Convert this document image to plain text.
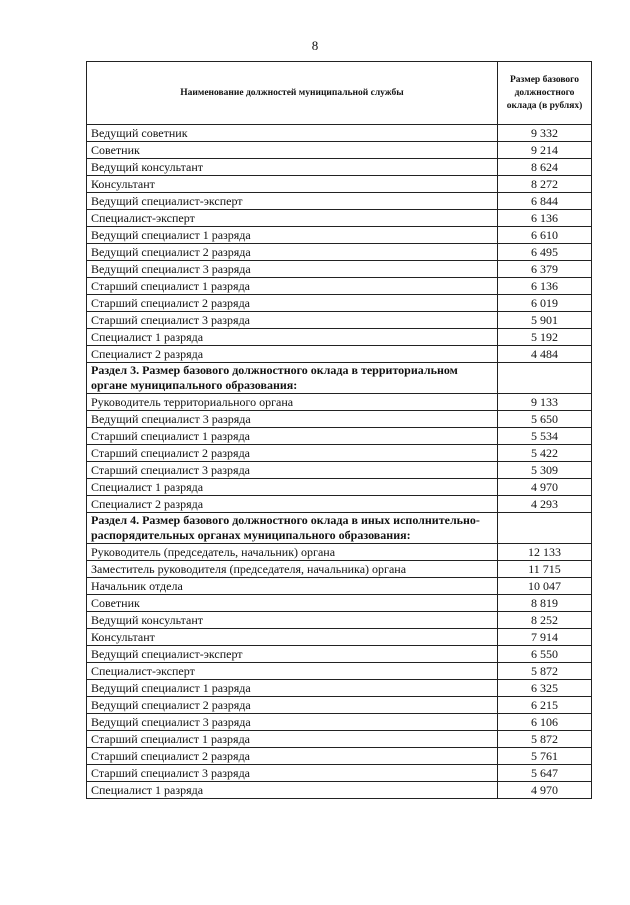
8
Наименование должностей муниципальной службы	Размер базового должностного оклада (в рублях)
Ведущий советник	9 332
Советник	9 214
Ведущий консультант	8 624
Консультант	8 272
Ведущий специалист-эксперт	6 844
Специалист-эксперт	6 136
Ведущий специалист 1 разряда	6 610
Ведущий специалист 2 разряда	6 495
Ведущий специалист 3 разряда	6 379
Старший специалист 1 разряда	6 136
Старший специалист 2 разряда	6 019
Старший специалист 3 разряда	5 901
Специалист 1 разряда	5 192
Специалист 2 разряда	4 484
Раздел 3. Размер базового должностного оклада в территориальном органе муниципального образования:	
Руководитель территориального органа	9 133
Ведущий специалист 3 разряда	5 650
Старший специалист 1 разряда	5 534
Старший специалист 2 разряда	5 422
Старший специалист 3 разряда	5 309
Специалист 1 разряда	4 970
Специалист 2 разряда	4 293
Раздел 4. Размер базового должностного оклада в иных исполнительно-распорядительных органах муниципального образования:	
Руководитель (председатель, начальник) органа	12 133
Заместитель руководителя (председателя, начальника) органа	11 715
Начальник отдела	10 047
Советник	8 819
Ведущий консультант	8 252
Консультант	7 914
Ведущий специалист-эксперт	6 550
Специалист-эксперт	5 872
Ведущий специалист 1 разряда	6 325
Ведущий специалист 2 разряда	6 215
Ведущий специалист 3 разряда	6 106
Старший специалист 1 разряда	5 872
Старший специалист 2 разряда	5 761
Старший специалист 3 разряда	5 647
Специалист 1 разряда	4 970
